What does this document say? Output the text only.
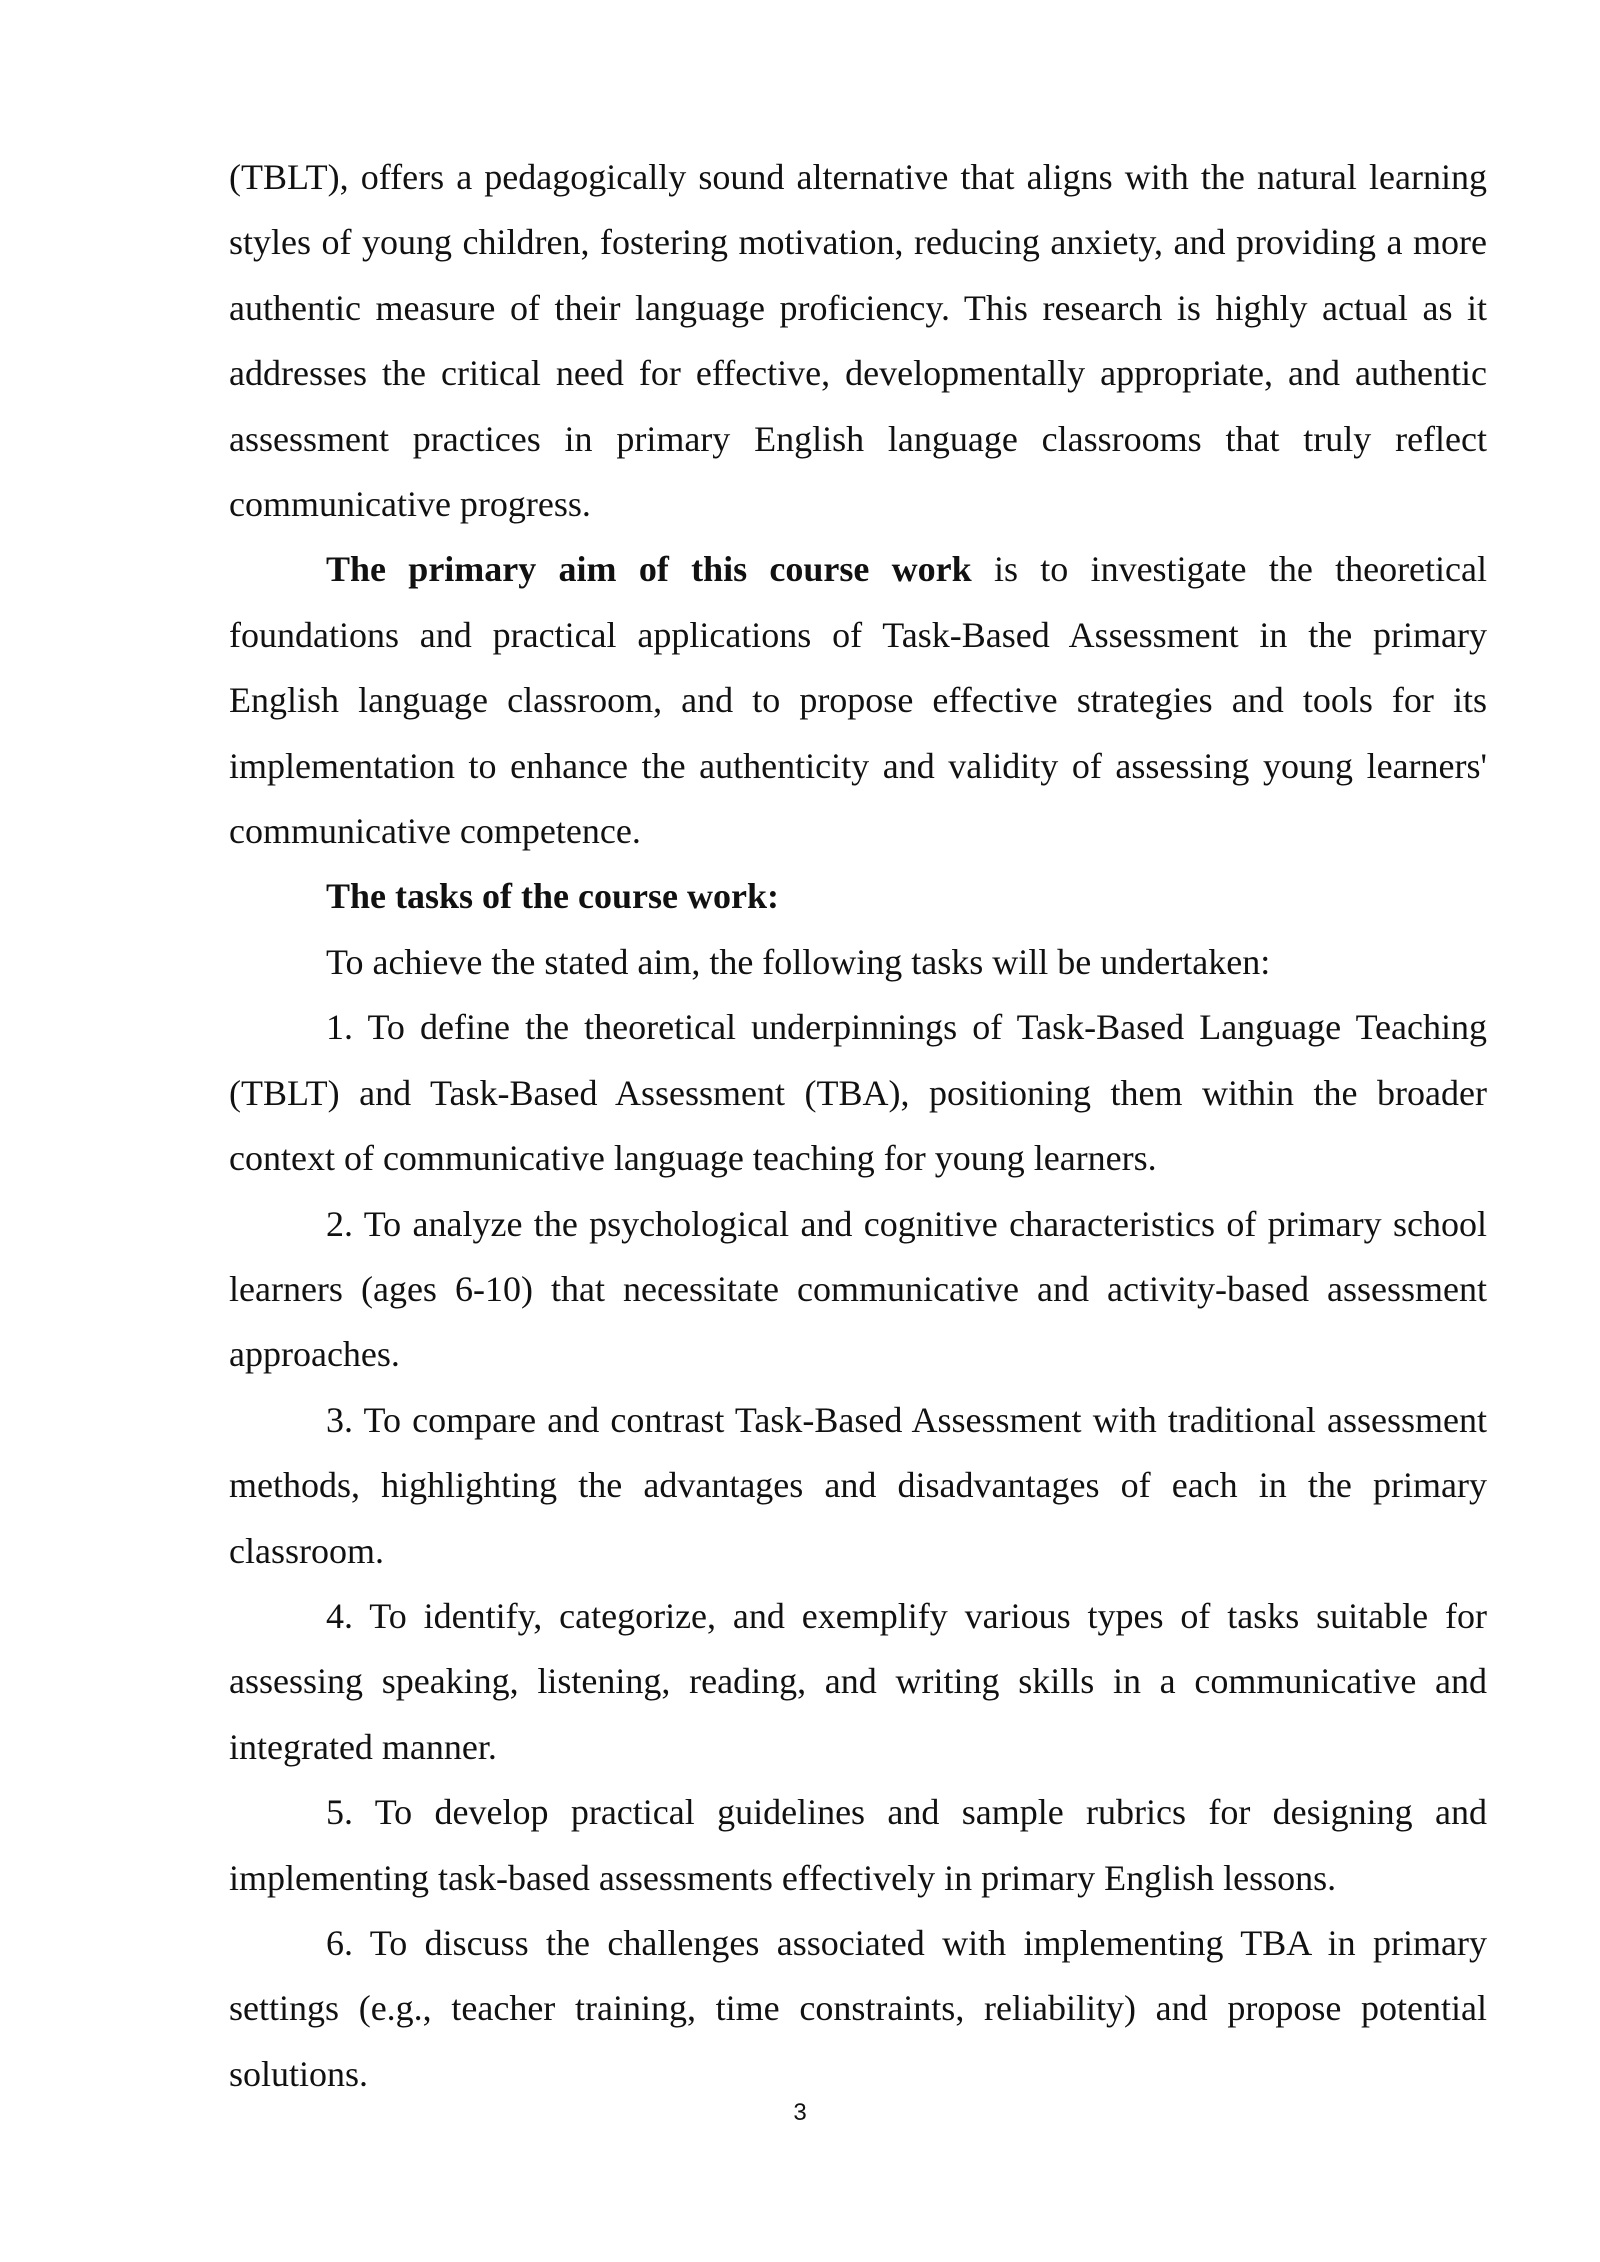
(TBLT), offers a pedagogically sound alternative that aligns with the natural learning styles of young children, fostering motivation, reducing anxiety, and providing a more authentic measure of their language proficiency. This research is highly actual as it addresses the critical need for effective, developmentally appropriate, and authentic assessment practices in primary English language classrooms that truly reflect communicative progress.

The primary aim of this course work is to investigate the theoretical foundations and practical applications of Task-Based Assessment in the primary English language classroom, and to propose effective strategies and tools for its implementation to enhance the authenticity and validity of assessing young learners' communicative competence.

The tasks of the course work:

To achieve the stated aim, the following tasks will be undertaken:

1. To define the theoretical underpinnings of Task-Based Language Teaching (TBLT) and Task-Based Assessment (TBA), positioning them within the broader context of communicative language teaching for young learners.

2. To analyze the psychological and cognitive characteristics of primary school learners (ages 6-10) that necessitate communicative and activity-based assessment approaches.

3. To compare and contrast Task-Based Assessment with traditional assessment methods, highlighting the advantages and disadvantages of each in the primary classroom.

4. To identify, categorize, and exemplify various types of tasks suitable for assessing speaking, listening, reading, and writing skills in a communicative and integrated manner.

5. To develop practical guidelines and sample rubrics for designing and implementing task-based assessments effectively in primary English lessons.

6. To discuss the challenges associated with implementing TBA in primary settings (e.g., teacher training, time constraints, reliability) and propose potential solutions.

3
